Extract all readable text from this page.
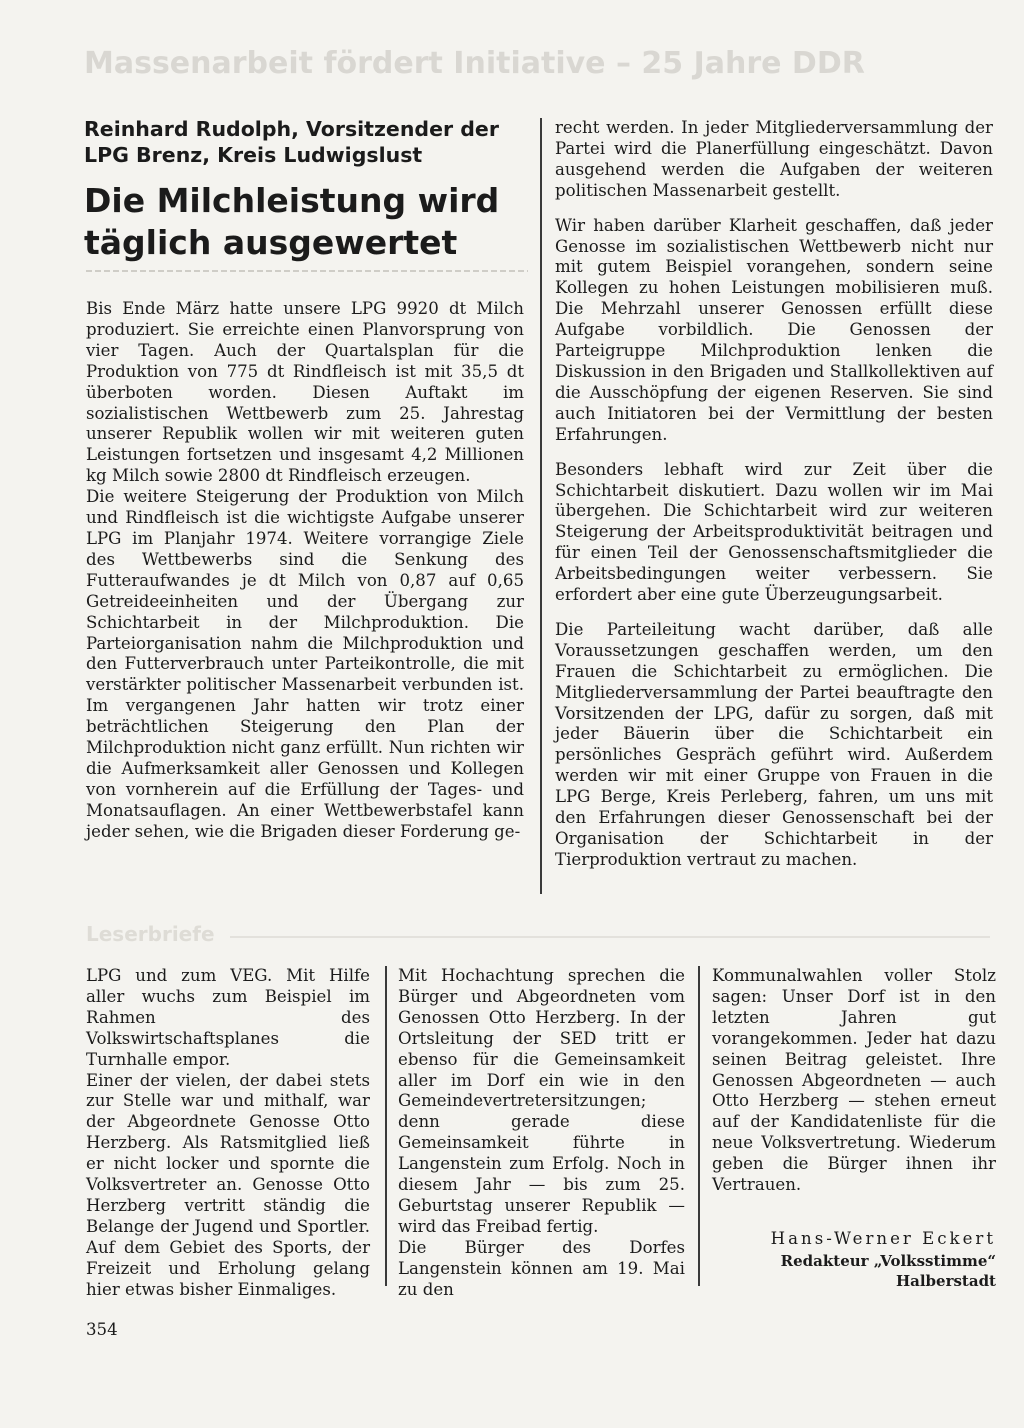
Massenarbeit fördert Initiative – 25 Jahre DDR
Reinhard Rudolph, Vorsitzender der LPG Brenz, Kreis Ludwigslust
Die Milchleistung wird täglich ausgewertet

Bis Ende März hatte unsere LPG 9920 dt Milch produziert. Sie erreichte einen Planvorsprung von vier Tagen. Auch der Quartalsplan für die Produktion von 775 dt Rindfleisch ist mit 35,5 dt überboten worden. Diesen Auftakt im sozialistischen Wettbewerb zum 25. Jahrestag unserer Republik wollen wir mit weiteren guten Leistungen fortsetzen und insgesamt 4,2 Millionen kg Milch sowie 2800 dt Rindfleisch erzeugen.

Die weitere Steigerung der Produktion von Milch und Rindfleisch ist die wichtigste Aufgabe unserer LPG im Planjahr 1974. Weitere vorrangige Ziele des Wettbewerbs sind die Senkung des Futteraufwandes je dt Milch von 0,87 auf 0,65 Getreideeinheiten und der Übergang zur Schichtarbeit in der Milchproduktion. Die Parteiorganisation nahm die Milchproduktion und den Futterverbrauch unter Parteikontrolle, die mit verstärkter politischer Massenarbeit verbunden ist. Im vergangenen Jahr hatten wir trotz einer beträchtlichen Steigerung den Plan der Milchproduktion nicht ganz erfüllt. Nun richten wir die Aufmerksamkeit aller Genossen und Kollegen von vornherein auf die Erfüllung der Tages- und Monatsauflagen. An einer Wettbewerbstafel kann jeder sehen, wie die Brigaden dieser Forderung ge-

recht werden. In jeder Mitgliederversammlung der Partei wird die Planerfüllung eingeschätzt. Davon ausgehend werden die Aufgaben der weiteren politischen Massenarbeit gestellt.

Wir haben darüber Klarheit geschaffen, daß jeder Genosse im sozialistischen Wettbewerb nicht nur mit gutem Beispiel vorangehen, sondern seine Kollegen zu hohen Leistungen mobilisieren muß. Die Mehrzahl unserer Genossen erfüllt diese Aufgabe vorbildlich. Die Genossen der Parteigruppe Milchproduktion lenken die Diskussion in den Brigaden und Stallkollektiven auf die Ausschöpfung der eigenen Reserven. Sie sind auch Initiatoren bei der Vermittlung der besten Erfahrungen.

Besonders lebhaft wird zur Zeit über die Schichtarbeit diskutiert. Dazu wollen wir im Mai übergehen. Die Schichtarbeit wird zur weiteren Steigerung der Arbeitsproduktivität beitragen und für einen Teil der Genossenschaftsmitglieder die Arbeitsbedingungen weiter verbessern. Sie erfordert aber eine gute Überzeugungsarbeit.

Die Parteileitung wacht darüber, daß alle Voraussetzungen geschaffen werden, um den Frauen die Schichtarbeit zu ermöglichen. Die Mitgliederversammlung der Partei beauftragte den Vorsitzenden der LPG, dafür zu sorgen, daß mit jeder Bäuerin über die Schichtarbeit ein persönliches Gespräch geführt wird. Außerdem werden wir mit einer Gruppe von Frauen in die LPG Berge, Kreis Perleberg, fahren, um uns mit den Erfahrungen dieser Genossenschaft bei der Organisation der Schichtarbeit in der Tierproduktion vertraut zu machen.

Leserbriefe

LPG und zum VEG. Mit Hilfe aller wuchs zum Beispiel im Rahmen des Volkswirtschaftsplanes die Turnhalle empor.

Einer der vielen, der dabei stets zur Stelle war und mithalf, war der Abgeordnete Genosse Otto Herzberg. Als Ratsmitglied ließ er nicht locker und spornte die Volksvertreter an. Genosse Otto Herzberg vertritt ständig die Belange der Jugend und Sportler. Auf dem Gebiet des Sports, der Freizeit und Erholung gelang hier etwas bisher Einmaliges.

Mit Hochachtung sprechen die Bürger und Abgeordneten vom Genossen Otto Herzberg. In der Ortsleitung der SED tritt er ebenso für die Gemeinsamkeit aller im Dorf ein wie in den Gemeindevertretersitzungen; denn gerade diese Gemeinsamkeit führte in Langenstein zum Erfolg. Noch in diesem Jahr — bis zum 25. Geburtstag unserer Republik — wird das Freibad fertig.

Die Bürger des Dorfes Langenstein können am 19. Mai zu den

Kommunalwahlen voller Stolz sagen: Unser Dorf ist in den letzten Jahren gut vorangekommen. Jeder hat dazu seinen Beitrag geleistet. Ihre Genossen Abgeordneten — auch Otto Herzberg — stehen erneut auf der Kandidatenliste für die neue Volksvertretung. Wiederum geben die Bürger ihnen ihr Vertrauen.

Hans-Werner Eckert
Redakteur „Volksstimme“
Halberstadt
354
